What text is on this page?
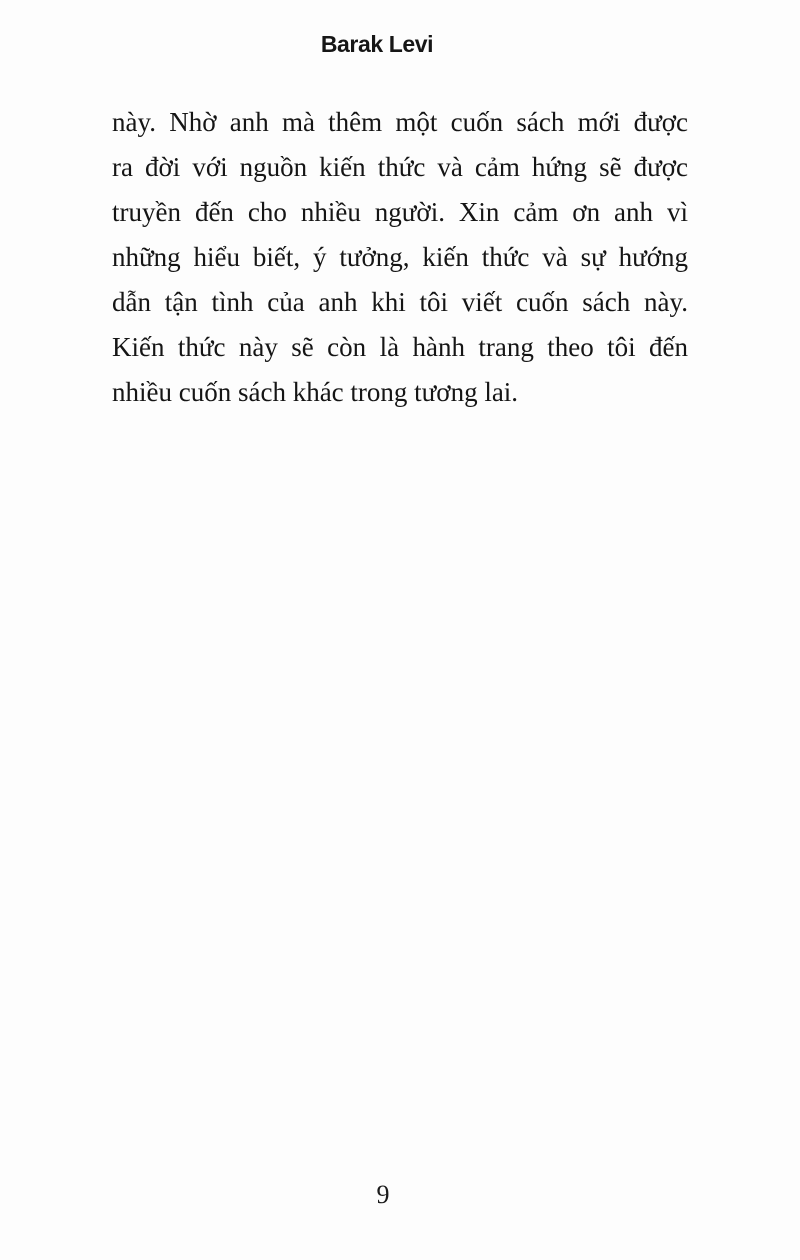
Barak Levi
này. Nhờ anh mà thêm một cuốn sách mới được
ra đời với nguồn kiến thức và cảm hứng sẽ được
truyền đến cho nhiều người. Xin cảm ơn anh vì
những hiểu biết, ý tưởng, kiến thức và sự hướng
dẫn tận tình của anh khi tôi viết cuốn sách này.
Kiến thức này sẽ còn là hành trang theo tôi đến
nhiều cuốn sách khác trong tương lai.
9
